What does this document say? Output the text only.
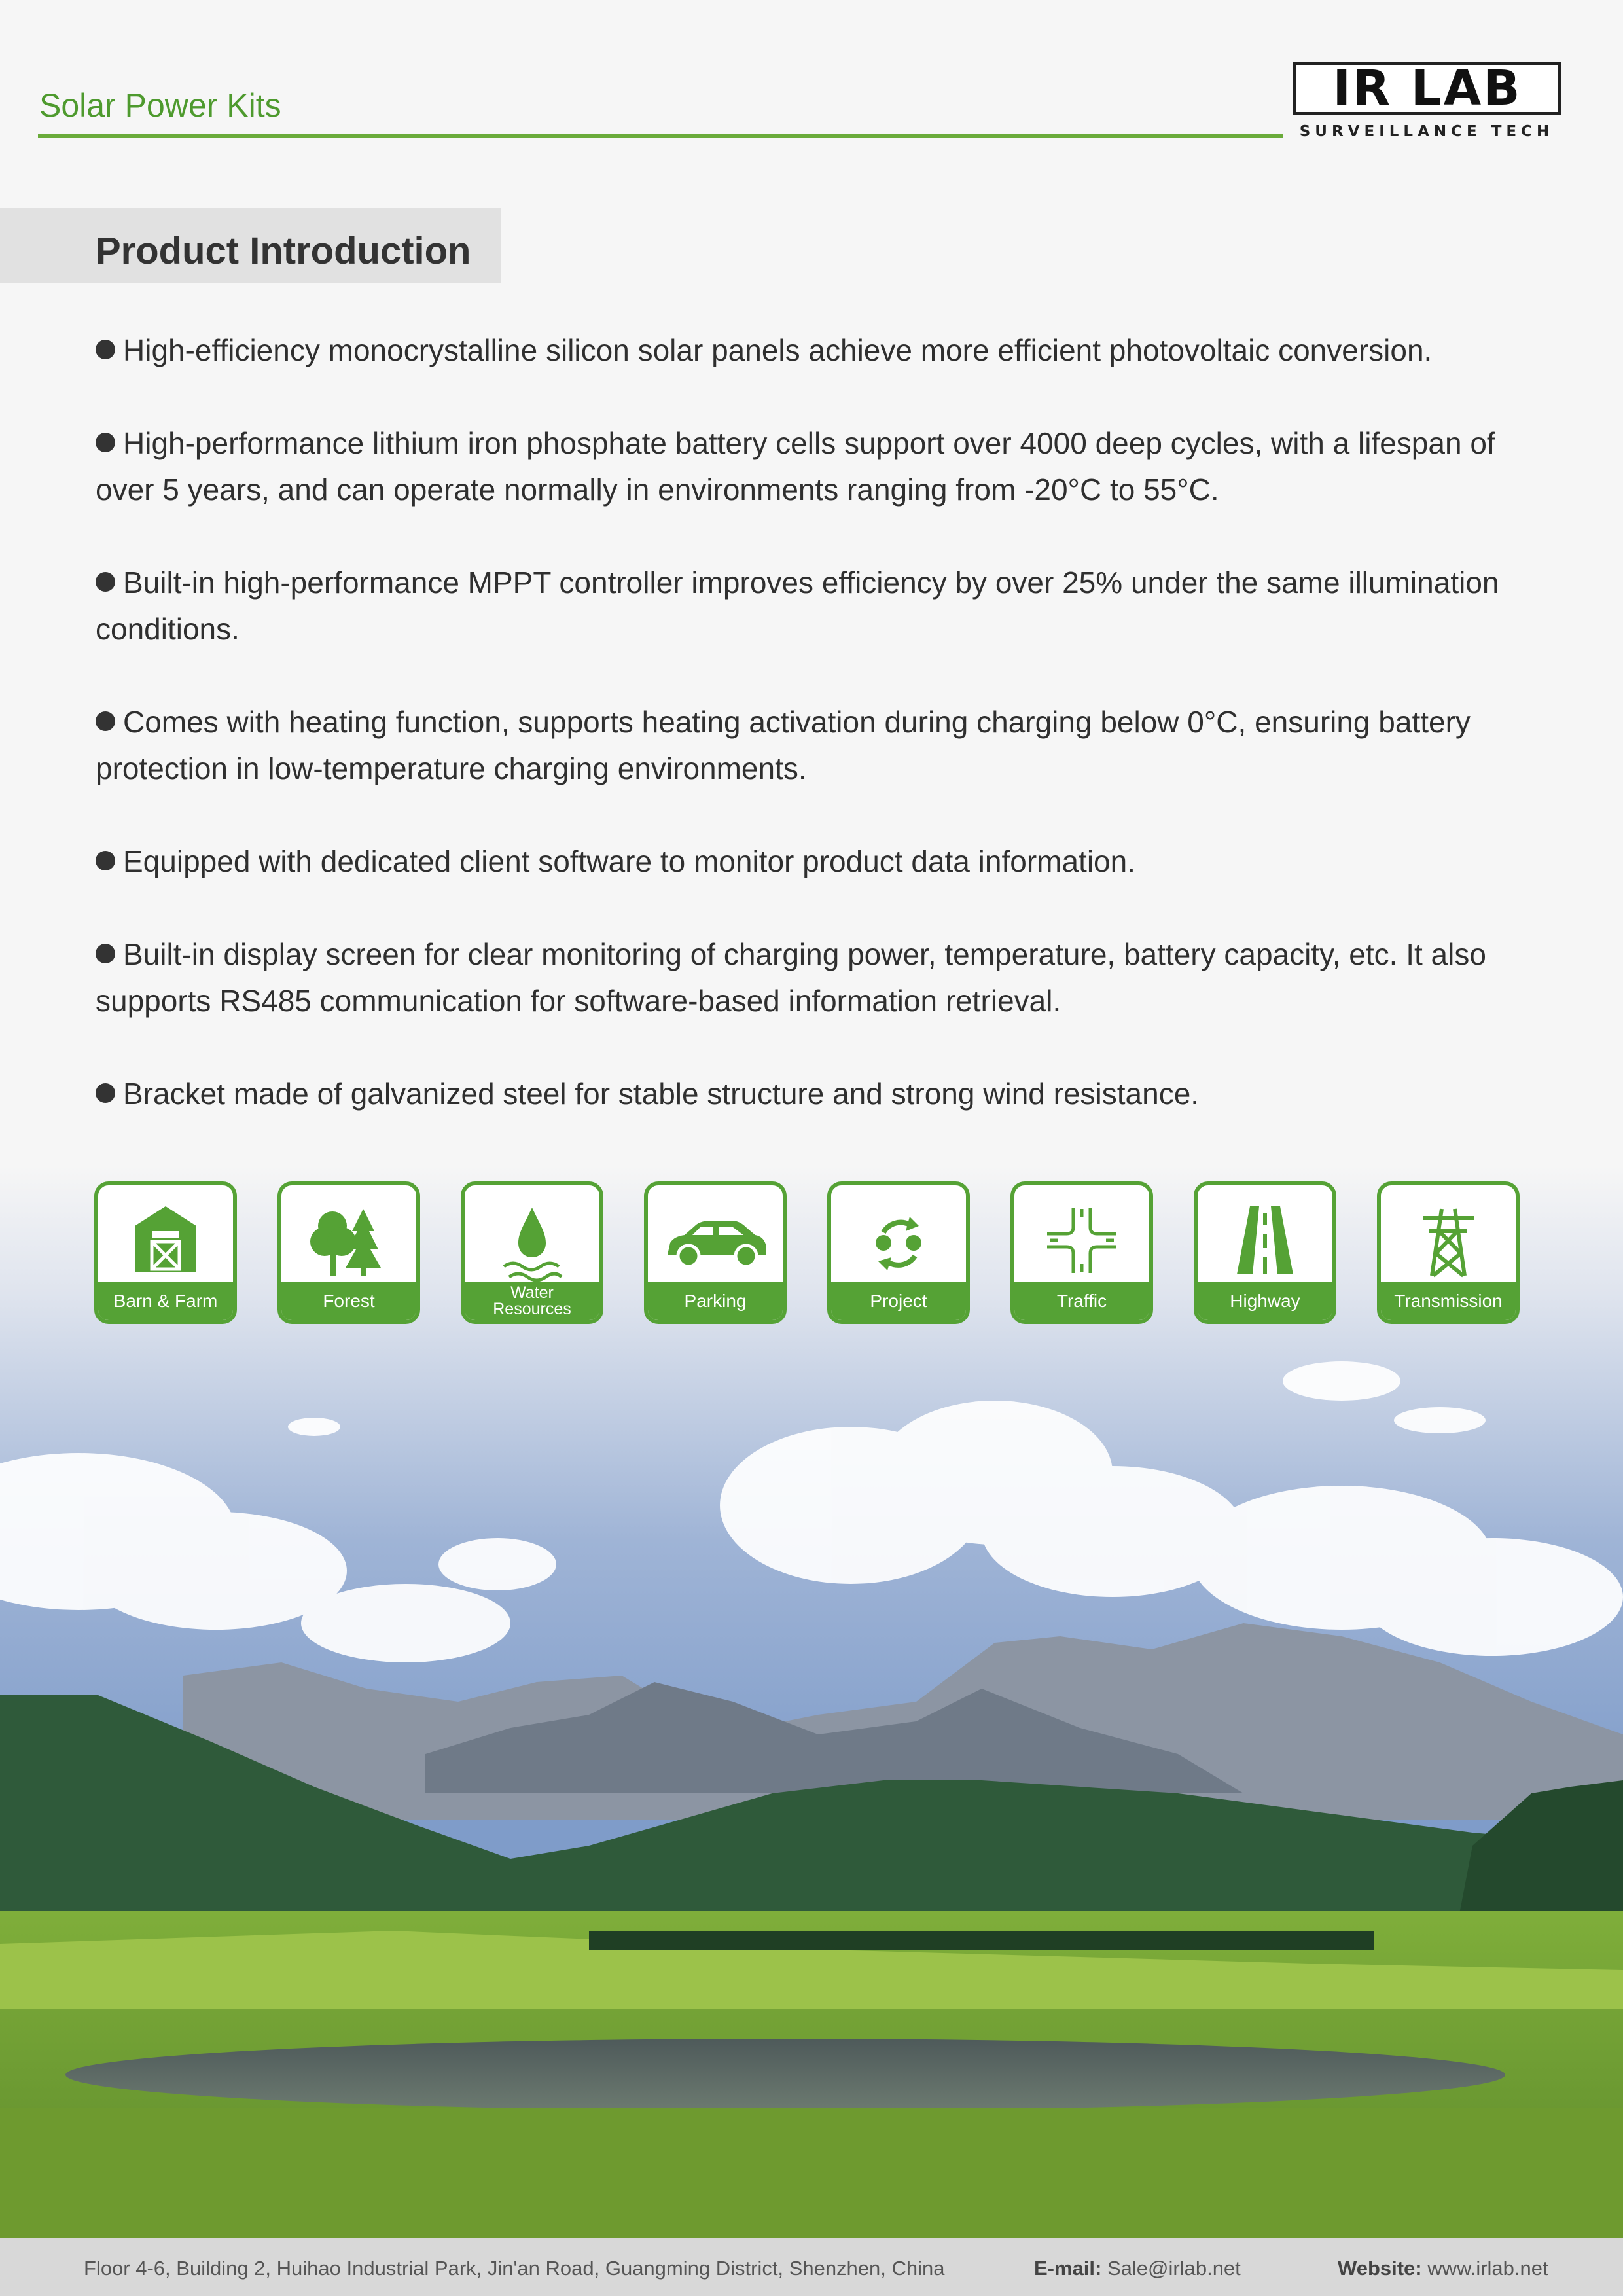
Solar Power Kits	IR LAB
SURVEILLANCE TECH
Product Introduction

High-efficiency monocrystalline silicon solar panels achieve more efficient photovoltaic conversion.

High-performance lithium iron phosphate battery cells support over 4000 deep cycles, with a lifespan of over 5 years, and can operate normally in environments ranging from -20°C to 55°C.

Built-in high-performance MPPT controller improves efficiency by over 25% under the same illumination conditions.

Comes with heating function, supports heating activation during charging below 0°C, ensuring battery protection in low-temperature charging environments.

Equipped with dedicated client software to monitor product data information.

Built-in display screen for clear monitoring of charging power, temperature, battery capacity, etc. It also supports RS485 communication for software-based information retrieval.

Bracket made of galvanized steel for stable structure and strong wind resistance.

Barn & Farm	Forest	Water
Resources	Parking	Project	Traffic	Highway	Transmission
Floor 4-6, Building 2, Huihao Industrial Park, Jin'an Road, Guangming District, Shenzhen, China	E-mail: Sale@irlab.net	Website: www.irlab.net
